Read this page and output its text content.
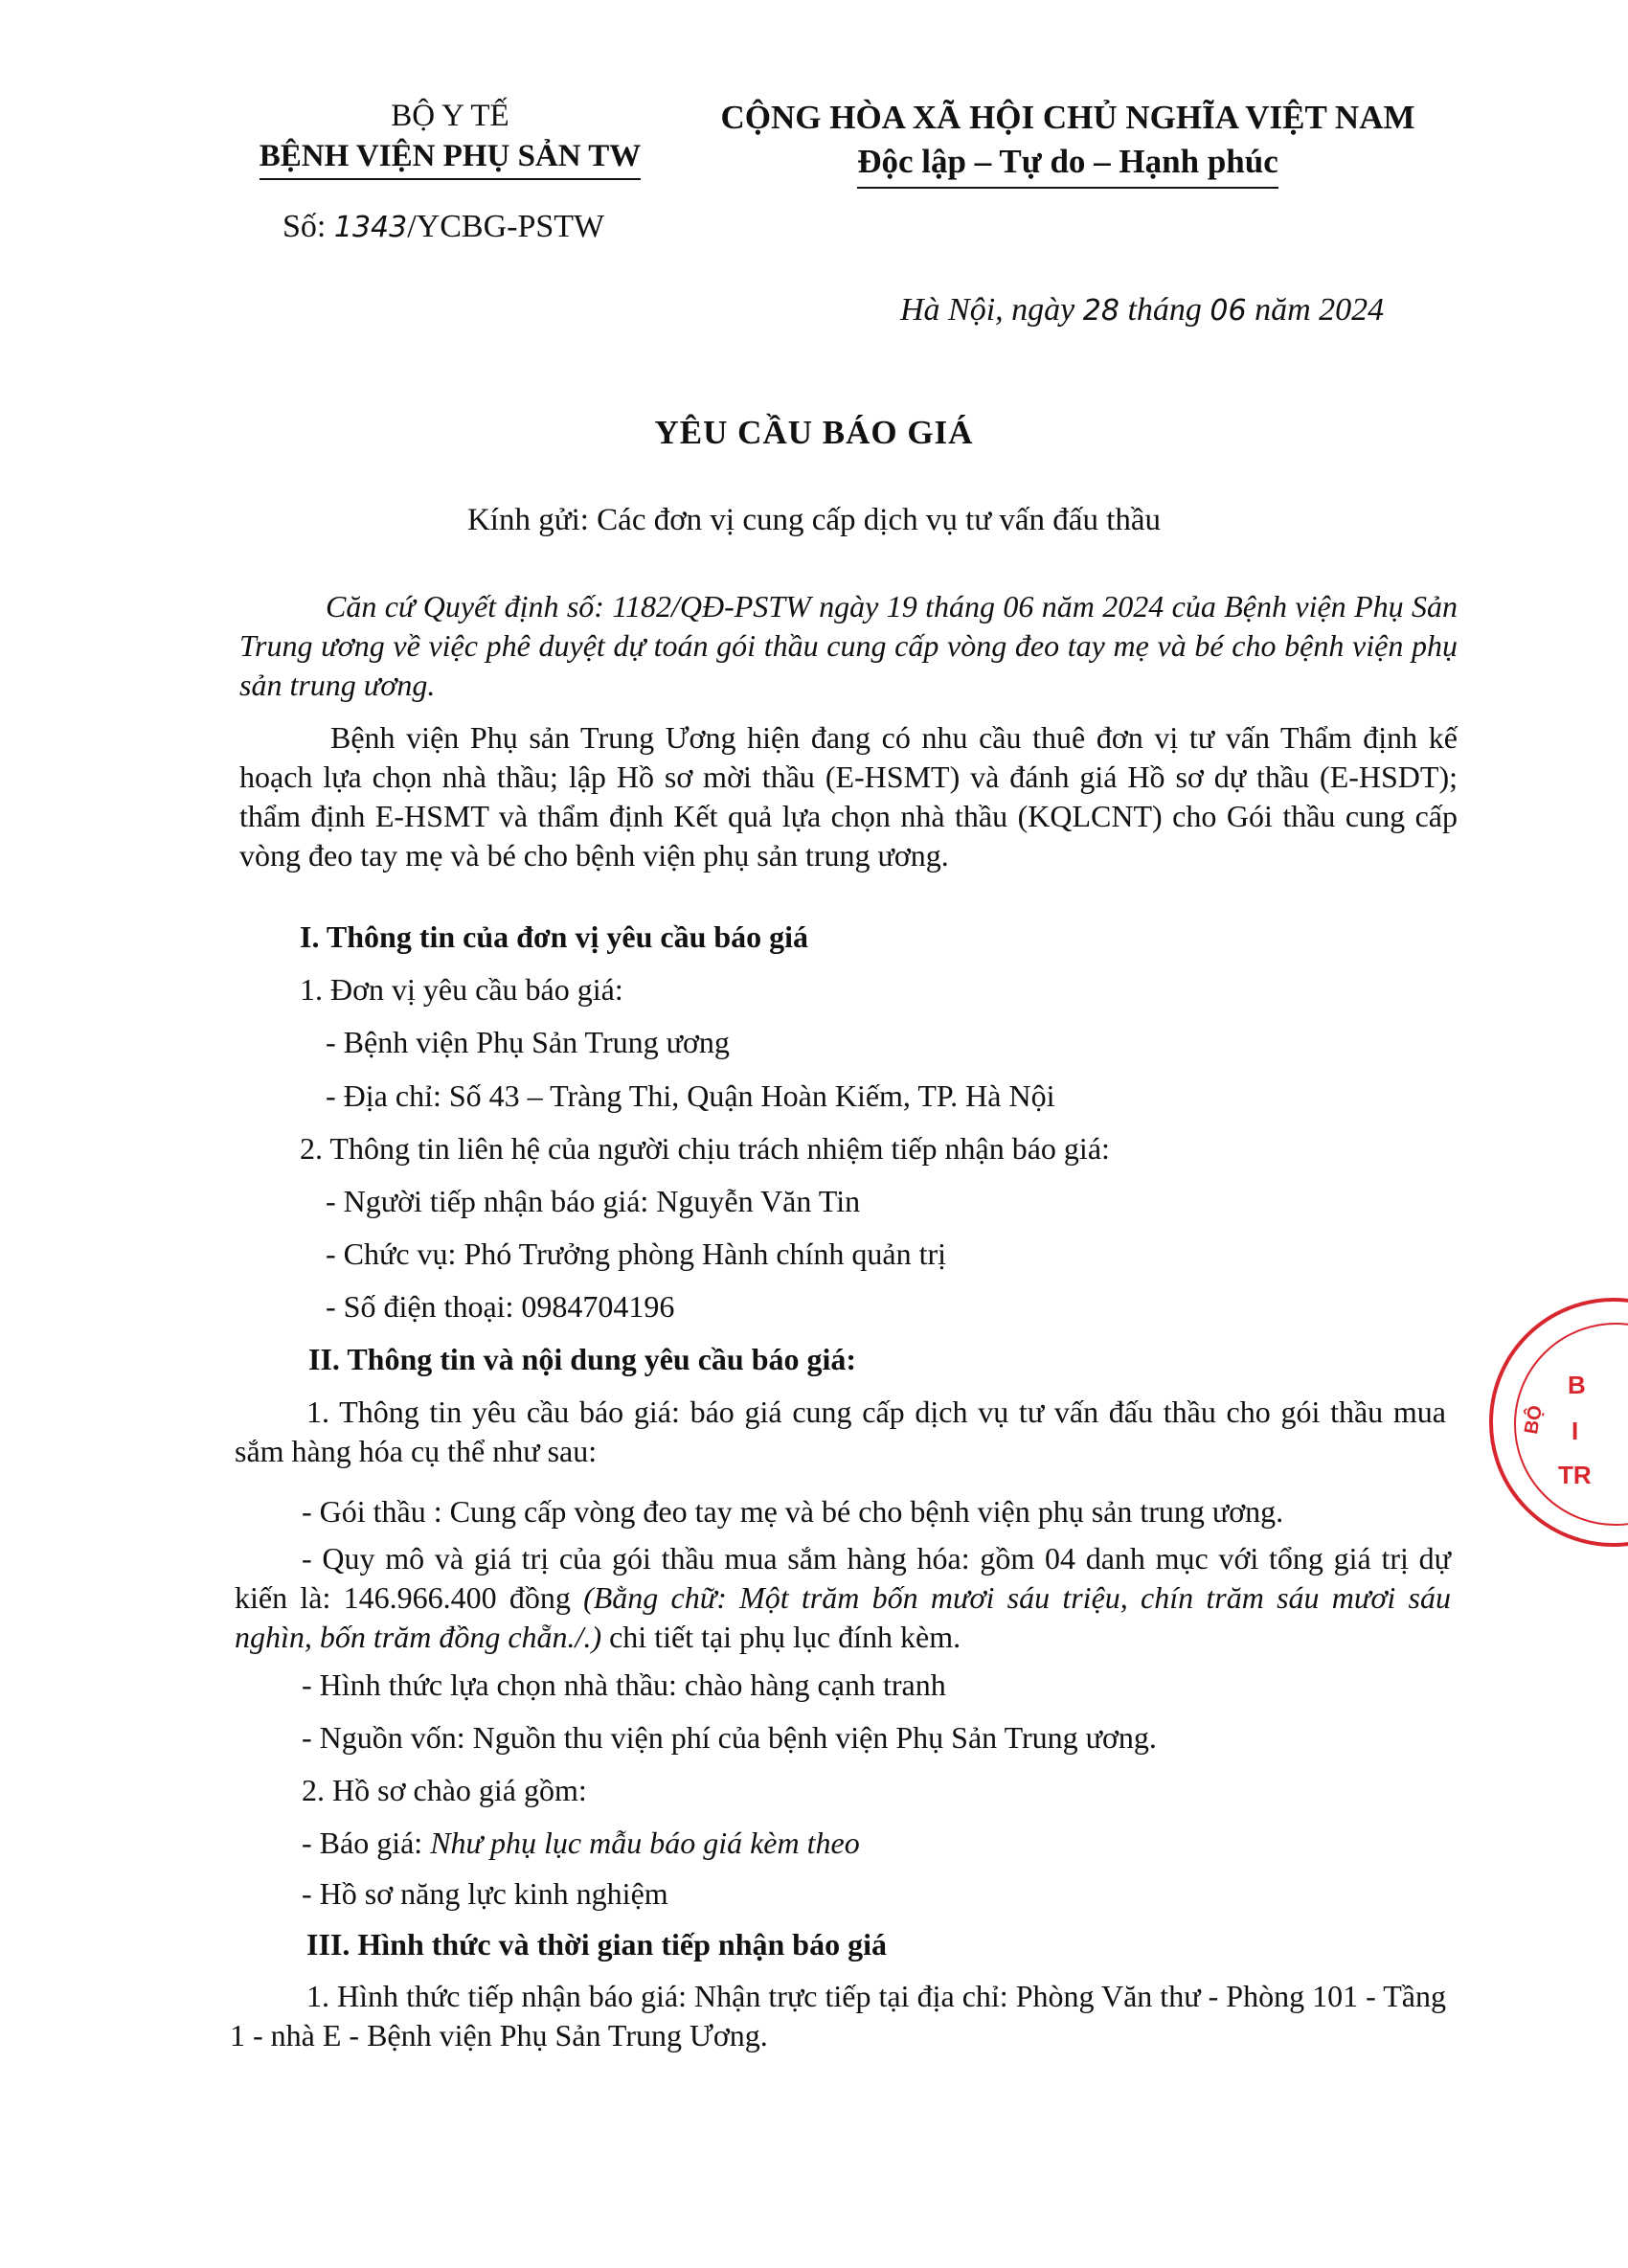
BỘ Y TẾ
BỆNH VIỆN PHỤ SẢN TW
CỘNG HÒA XÃ HỘI CHỦ NGHĨA VIỆT NAM
Độc lập – Tự do – Hạnh phúc
Số: 1343/YCBG-PSTW
Hà Nội, ngày 28 tháng 06 năm 2024
YÊU CẦU BÁO GIÁ
Kính gửi: Các đơn vị cung cấp dịch vụ tư vấn đấu thầu
Căn cứ Quyết định số: 1182/QĐ-PSTW ngày 19 tháng 06 năm 2024 của Bệnh viện Phụ Sản Trung ương về việc phê duyệt dự toán gói thầu cung cấp vòng đeo tay mẹ và bé cho bệnh viện phụ sản trung ương.
Bệnh viện Phụ sản Trung Ương hiện đang có nhu cầu thuê đơn vị tư vấn Thẩm định kế hoạch lựa chọn nhà thầu; lập Hồ sơ mời thầu (E-HSMT) và đánh giá Hồ sơ dự thầu (E-HSDT); thẩm định E-HSMT và thẩm định Kết quả lựa chọn nhà thầu (KQLCNT) cho Gói thầu cung cấp vòng đeo tay mẹ và bé cho bệnh viện phụ sản trung ương.
I. Thông tin của đơn vị yêu cầu báo giá
1. Đơn vị yêu cầu báo giá:
- Bệnh viện Phụ Sản Trung ương
- Địa chỉ: Số 43 – Tràng Thi, Quận Hoàn Kiếm, TP. Hà Nội
2. Thông tin liên hệ của người chịu trách nhiệm tiếp nhận báo giá:
- Người tiếp nhận báo giá: Nguyễn Văn Tin
- Chức vụ: Phó Trưởng phòng Hành chính quản trị
- Số điện thoại: 0984704196
II. Thông tin và nội dung yêu cầu báo giá:
1. Thông tin yêu cầu báo giá: báo giá cung cấp dịch vụ tư vấn đấu thầu cho gói thầu mua sắm hàng hóa cụ thể như sau:
- Gói thầu : Cung cấp vòng đeo tay mẹ và bé cho bệnh viện phụ sản trung ương.
- Quy mô và giá trị của gói thầu mua sắm hàng hóa: gồm 04 danh mục với tổng giá trị dự kiến là: 146.966.400 đồng (Bằng chữ: Một trăm bốn mươi sáu triệu, chín trăm sáu mươi sáu nghìn, bốn trăm đồng chẵn./.) chi tiết tại phụ lục đính kèm.
- Hình thức lựa chọn nhà thầu: chào hàng cạnh tranh
- Nguồn vốn: Nguồn thu viện phí của bệnh viện Phụ Sản Trung ương.
2. Hồ sơ chào giá gồm:
- Báo giá: Như phụ lục mẫu báo giá kèm theo
- Hồ sơ năng lực kinh nghiệm
III. Hình thức và thời gian tiếp nhận báo giá
1. Hình thức tiếp nhận báo giá: Nhận trực tiếp tại địa chỉ: Phòng Văn thư - Phòng 101 - Tầng 1 - nhà E - Bệnh viện Phụ Sản Trung Ương.
B
I
TR
BỘ
